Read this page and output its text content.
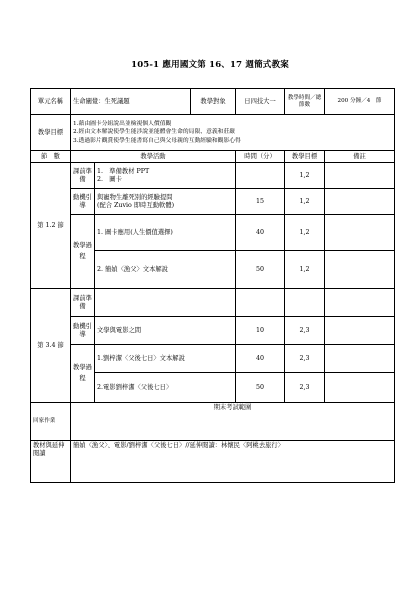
105-1 應用國文第 16、17 週簡式教案
單元名稱	生命闡覺：生死議題		教學對象	日四技大一	教學時間／總節數	200 分鐘／4　節
教學目標	1.藉由圖卡分組說出並檢視個人價值觀

2.經由文本解說使學生能涉說並能體會生命的局限、意義和莊嚴

3.透過影片觀賞使學生能書寫自己與父母親的互動經驗和觀影心得					

節　數	教學活動			時間（分）	教學目標	備註
第 1.2 節	課前準備	1.　準備教材 PPT
2.　圖卡			1,2	
	動機引導	與寵物生離死別的經驗提問
(配合 Zuvio 即時互動軟體)		15	1,2	
	教學過程	1. 圖卡應用(人生價值選擇)		40	1,2	
		2. 簡媜〈漁父〉文本解說		50	1,2	
第 3.4 節	課前準備					
	動機引導	文學與電影之間		10	2,3	
	教學過程	1.劉梓潔〈父後七日〉文本解說		40	2,3	
		2.電影劉梓潔〈父後七日〉		50	2,3	
回家作業	期末考試範圍					
教材與延伸閱讀	簡媜〈漁父〉、電影/劉梓潔〈父後七日〉//延伸閱讀：林懷民〈阿桃去旅行〉					
